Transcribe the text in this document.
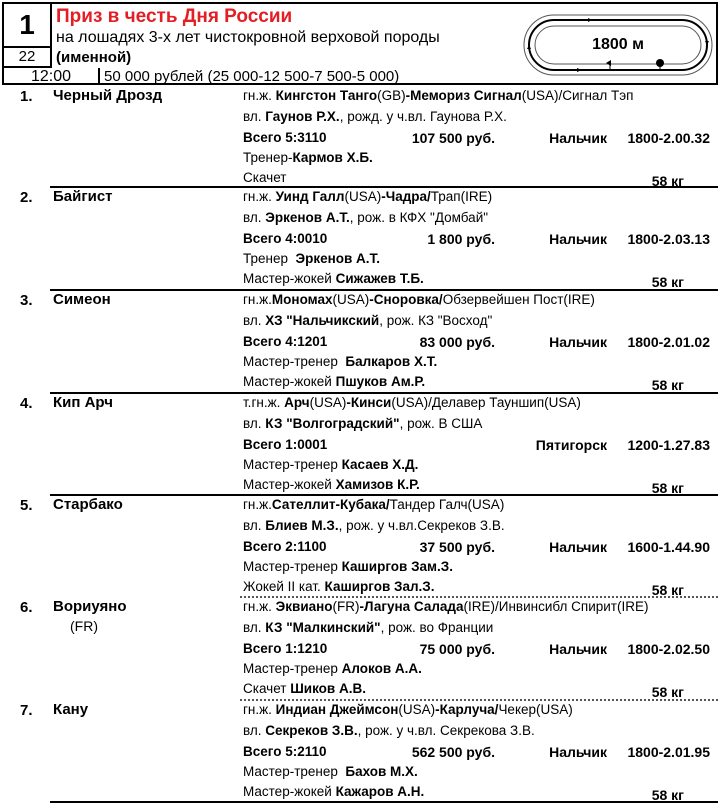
1
22
12:00
Приз в честь Дня России
на лошадях 3-х лет чистокровной верховой породы
(именной)
50 000 рублей (25 000-12 500-7 500-5 000)
1800 м
1. Черный Дрозд	гн.ж. Кингстон Танго(GB)-Мемориз Сигнал(USA)/Сигнал Тэп
вл. Гаунов Р.Х., рожд. у ч.вл. Гаунова Р.Х.
Всего 5:3110	107 500 руб.	Нальчик	1800-2.00.32
Тренер-Кармов Х.Б.
Скачет	58 кг
2. Байгист	гн.ж. Уинд Галл(USA)-Чадра/Трап(IRE)
вл. Эркенов А.Т., рож. в КФХ "Домбай"
Всего 4:0010	1 800 руб.	Нальчик	1800-2.03.13
Тренер  Эркенов А.Т.
Мастер-жокей Сижажев Т.Б.	58 кг
3. Симеон	гн.ж.Мономах(USA)-Сноровка/Обзервейшен Пост(IRE)
вл. ХЗ "Нальчикский, рож. КЗ "Восход"
Всего 4:1201	83 000 руб.	Нальчик	1800-2.01.02
Мастер-тренер  Балкаров Х.Т.
Мастер-жокей Пшуков Ам.Р.	58 кг
4. Кип Арч	т.гн.ж. Арч(USA)-Кинси(USA)/Делавер Тауншип(USA)
вл. КЗ "Волгоградский", рож. В США
Всего 1:0001	Пятигорск	1200-1.27.83
Мастер-тренер Касаев Х.Д.
Мастер-жокей Хамизов К.Р.	58 кг
5. Старбако	гн.ж.Сателлит-Кубака/Тандер Галч(USA)
вл. Блиев М.З., рож. у ч.вл.Секреков З.В.
Всего 2:1100	37 500 руб.	Нальчик	1600-1.44.90
Мастер-тренер Каширгов Зам.З.
Жокей II кат. Каширгов Зал.З.	58 кг
6. Вориуяно
(FR)
гн.ж. Эквиано(FR)-Лагуна Салада(IRE)/Инвинсибл Спирит(IRE)
вл. КЗ "Малкинский", рож. во Франции
Всего 1:1210	75 000 руб.	Нальчик	1800-2.02.50
Мастер-тренер Алоков А.А.
Скачет Шиков А.В.	58 кг
7. Кану	гн.ж. Индиан Джеймсон(USA)-Карлуча/Чекер(USA)
вл. Секреков З.В., рож. у ч.вл. Секрекова З.В.
Всего 5:2110	562 500 руб.	Нальчик	1800-2.01.95
Мастер-тренер  Бахов М.Х.
Мастер-жокей Кажаров А.Н.	58 кг
